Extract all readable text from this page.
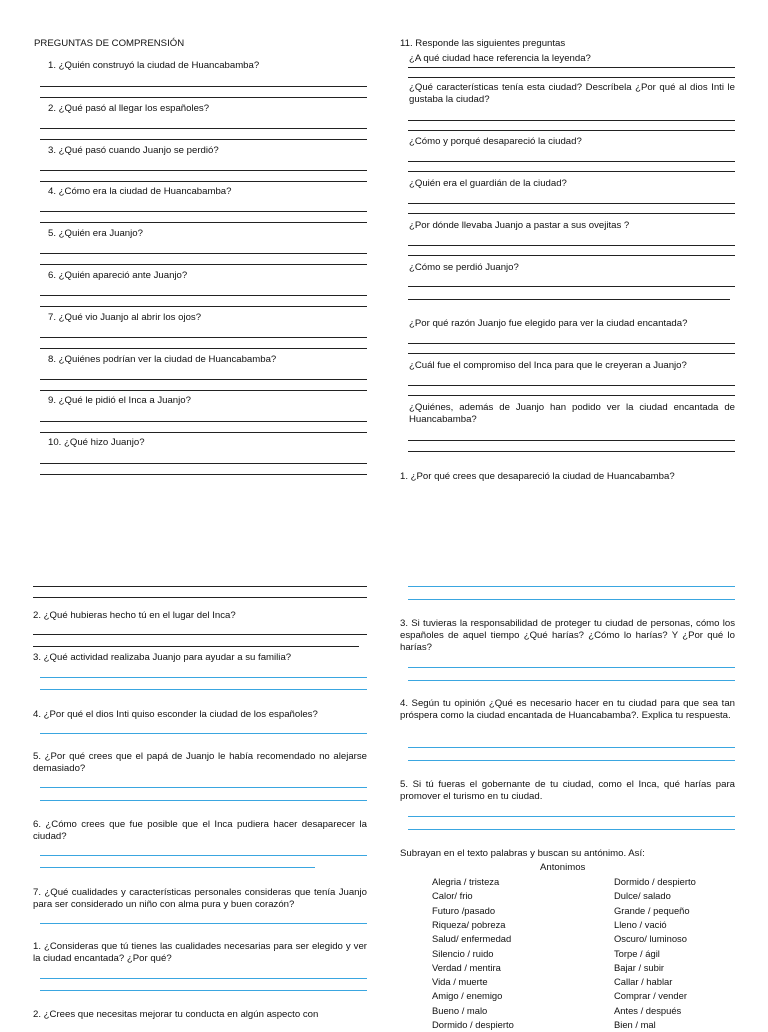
PREGUNTAS DE COMPRENSIÓN
1. ¿Quién construyó la ciudad de Huancabamba?
2. ¿Qué pasó al llegar los españoles?
3. ¿Qué pasó cuando Juanjo se perdió?
4. ¿Cómo era la ciudad de Huancabamba?
5. ¿Quién era Juanjo?
6. ¿Quién apareció ante Juanjo?
7. ¿Qué vio Juanjo al abrir los ojos?
8. ¿Quiénes podrían ver la ciudad de Huancabamba?
9. ¿Qué le pidió el Inca a Juanjo?
10. ¿Qué hizo Juanjo?
11. Responde las siguientes preguntas
¿A qué ciudad hace referencia la leyenda?
¿Qué características tenía esta ciudad? Descríbela ¿Por qué al dios Inti le gustaba la ciudad?
¿Cómo y porqué desapareció la ciudad?
¿Quién era el guardián de la ciudad?
¿Por dónde llevaba Juanjo a pastar a sus ovejitas ?
¿Cómo se perdió Juanjo?
¿Por qué razón Juanjo fue elegido para ver la ciudad encantada?
¿Cuál fue el compromiso del Inca para que le creyeran a Juanjo?
¿Quiénes, además de Juanjo han podido ver la ciudad encantada de Huancabamba?
1. ¿Por qué crees que desapareció la ciudad de Huancabamba?
2. ¿Qué hubieras hecho tú en el lugar del Inca?
3. ¿Qué actividad realizaba Juanjo para ayudar a su familia?
4. ¿Por qué el dios Inti quiso esconder la ciudad de los españoles?
5. ¿Por qué crees que el papá de Juanjo le había recomendado no alejarse demasiado?
6. ¿Cómo crees que fue posible que el Inca pudiera hacer desaparecer la ciudad?
7. ¿Qué cualidades y características personales consideras que tenía Juanjo para ser considerado un niño con alma pura y buen corazón?
1. ¿Consideras que tú tienes las cualidades necesarias para ser elegido y ver la ciudad encantada? ¿Por qué?
2. ¿Crees que necesitas mejorar tu conducta en algún aspecto con
3. Si tuvieras la responsabilidad de proteger tu ciudad de personas, cómo los españoles de aquel tiempo ¿Qué harías? ¿Cómo lo harías? Y ¿Por qué lo harías?
4. Según tu opinión ¿Qué es necesario hacer en tu ciudad para que sea tan próspera como la ciudad encantada de Huancabamba?. Explica tu respuesta.
5. Si tú fueras el gobernante de tu ciudad, como el Inca, qué harías para promover el turismo en tu ciudad.
Subrayan en el texto palabras y buscan su antónimo. Así:
Antonimos
Alegria / tristeza
Calor/ frio
Futuro /pasado
Riqueza/ pobreza
Salud/ enfermedad
Silencio / ruido
Verdad / mentira
Vida / muerte
Amigo / enemigo
Bueno / malo
Dormido / despierto
Dormido / despierto
Dulce/ salado
Grande / pequeño
Lleno / vació
Oscuro/ luminoso
Torpe / ágil
Bajar / subir
Callar / hablar
Comprar / vender
Antes / después
Bien / mal
